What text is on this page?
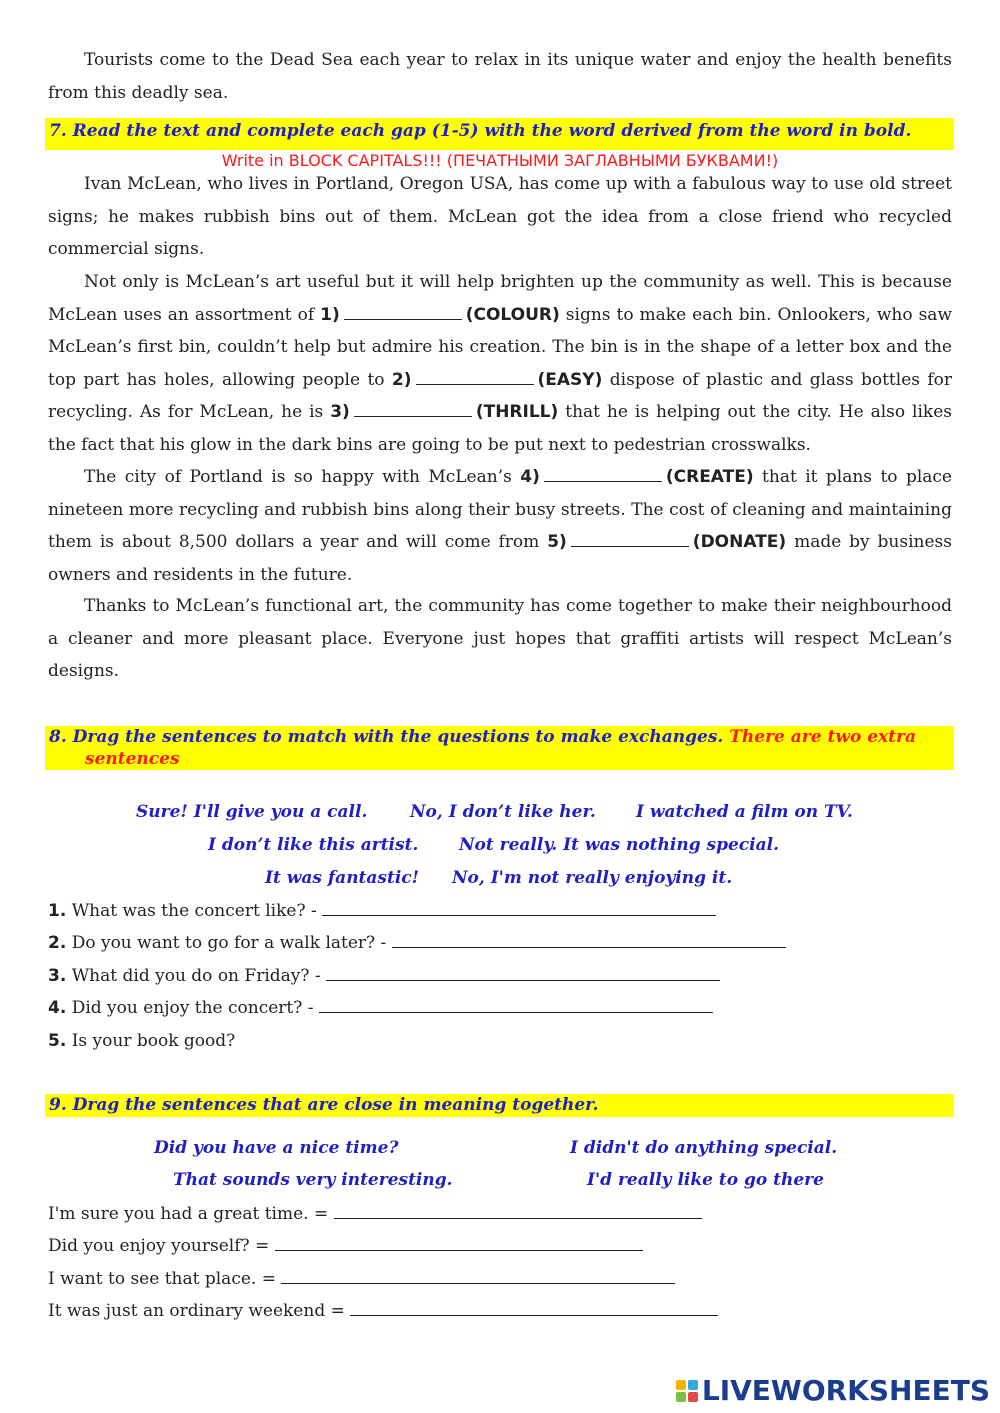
Tourists come to the Dead Sea each year to relax in its unique water and enjoy the health benefits from this deadly sea.

7. Read the text and complete each gap (1-5) with the word derived from the word in bold.
Write in BLOCK CAPITALS!!! (ПЕЧАТНЫМИ ЗАГЛАВНЫМИ БУКВАМИ!)

Ivan McLean, who lives in Portland, Oregon USA, has come up with a fabulous way to use old street signs; he makes rubbish bins out of them. McLean got the idea from a close friend who recycled commercial signs.

Not only is McLean’s art useful but it will help brighten up the community as well. This is because McLean uses an assortment of 1)	(COLOUR) signs to make each bin. Onlookers, who saw McLean’s first bin, couldn’t help but admire his creation. The bin is in the shape of a letter box and the top part has holes, allowing people to 2)	(EASY) dispose of plastic and glass bottles for recycling. As for McLean, he is 3)	(THRILL) that he is helping out the city. He also likes the fact that his glow in the dark bins are going to be put next to pedestrian crosswalks.

The city of Portland is so happy with McLean’s 4)	(CREATE) that it plans to place nineteen more recycling and rubbish bins along their busy streets. The cost of cleaning and maintaining them is about 8,500 dollars a year and will come from 5)	(DONATE) made by business owners and residents in the future.

Thanks to McLean’s functional art, the community has come together to make their neighbourhood a cleaner and more pleasant place. Everyone just hopes that graffiti artists will respect McLean’s designs.

8. Drag the sentences to match with the questions to make exchanges. There are two extra
sentences
Sure! I'll give you a call.	No, I don’t like her. I watched a film on TV.
I don’t like this artist. Not really. It was nothing special.
It was fantastic! No, I'm not really enjoying it.
1. What was the concert like? -
2. Do you want to go for a walk later? -
3. What did you do on Friday? -
4. Did you enjoy the concert? -
5. Is your book good?
9. Drag the sentences that are close in meaning together.
Did you have a nice time?	I didn't do anything special.
That sounds very interesting.	I'd really like to go there
I'm sure you had a great time. =
Did you enjoy yourself? =
I want to see that place. =
It was just an ordinary weekend =
LIVEWORKSHEETS
